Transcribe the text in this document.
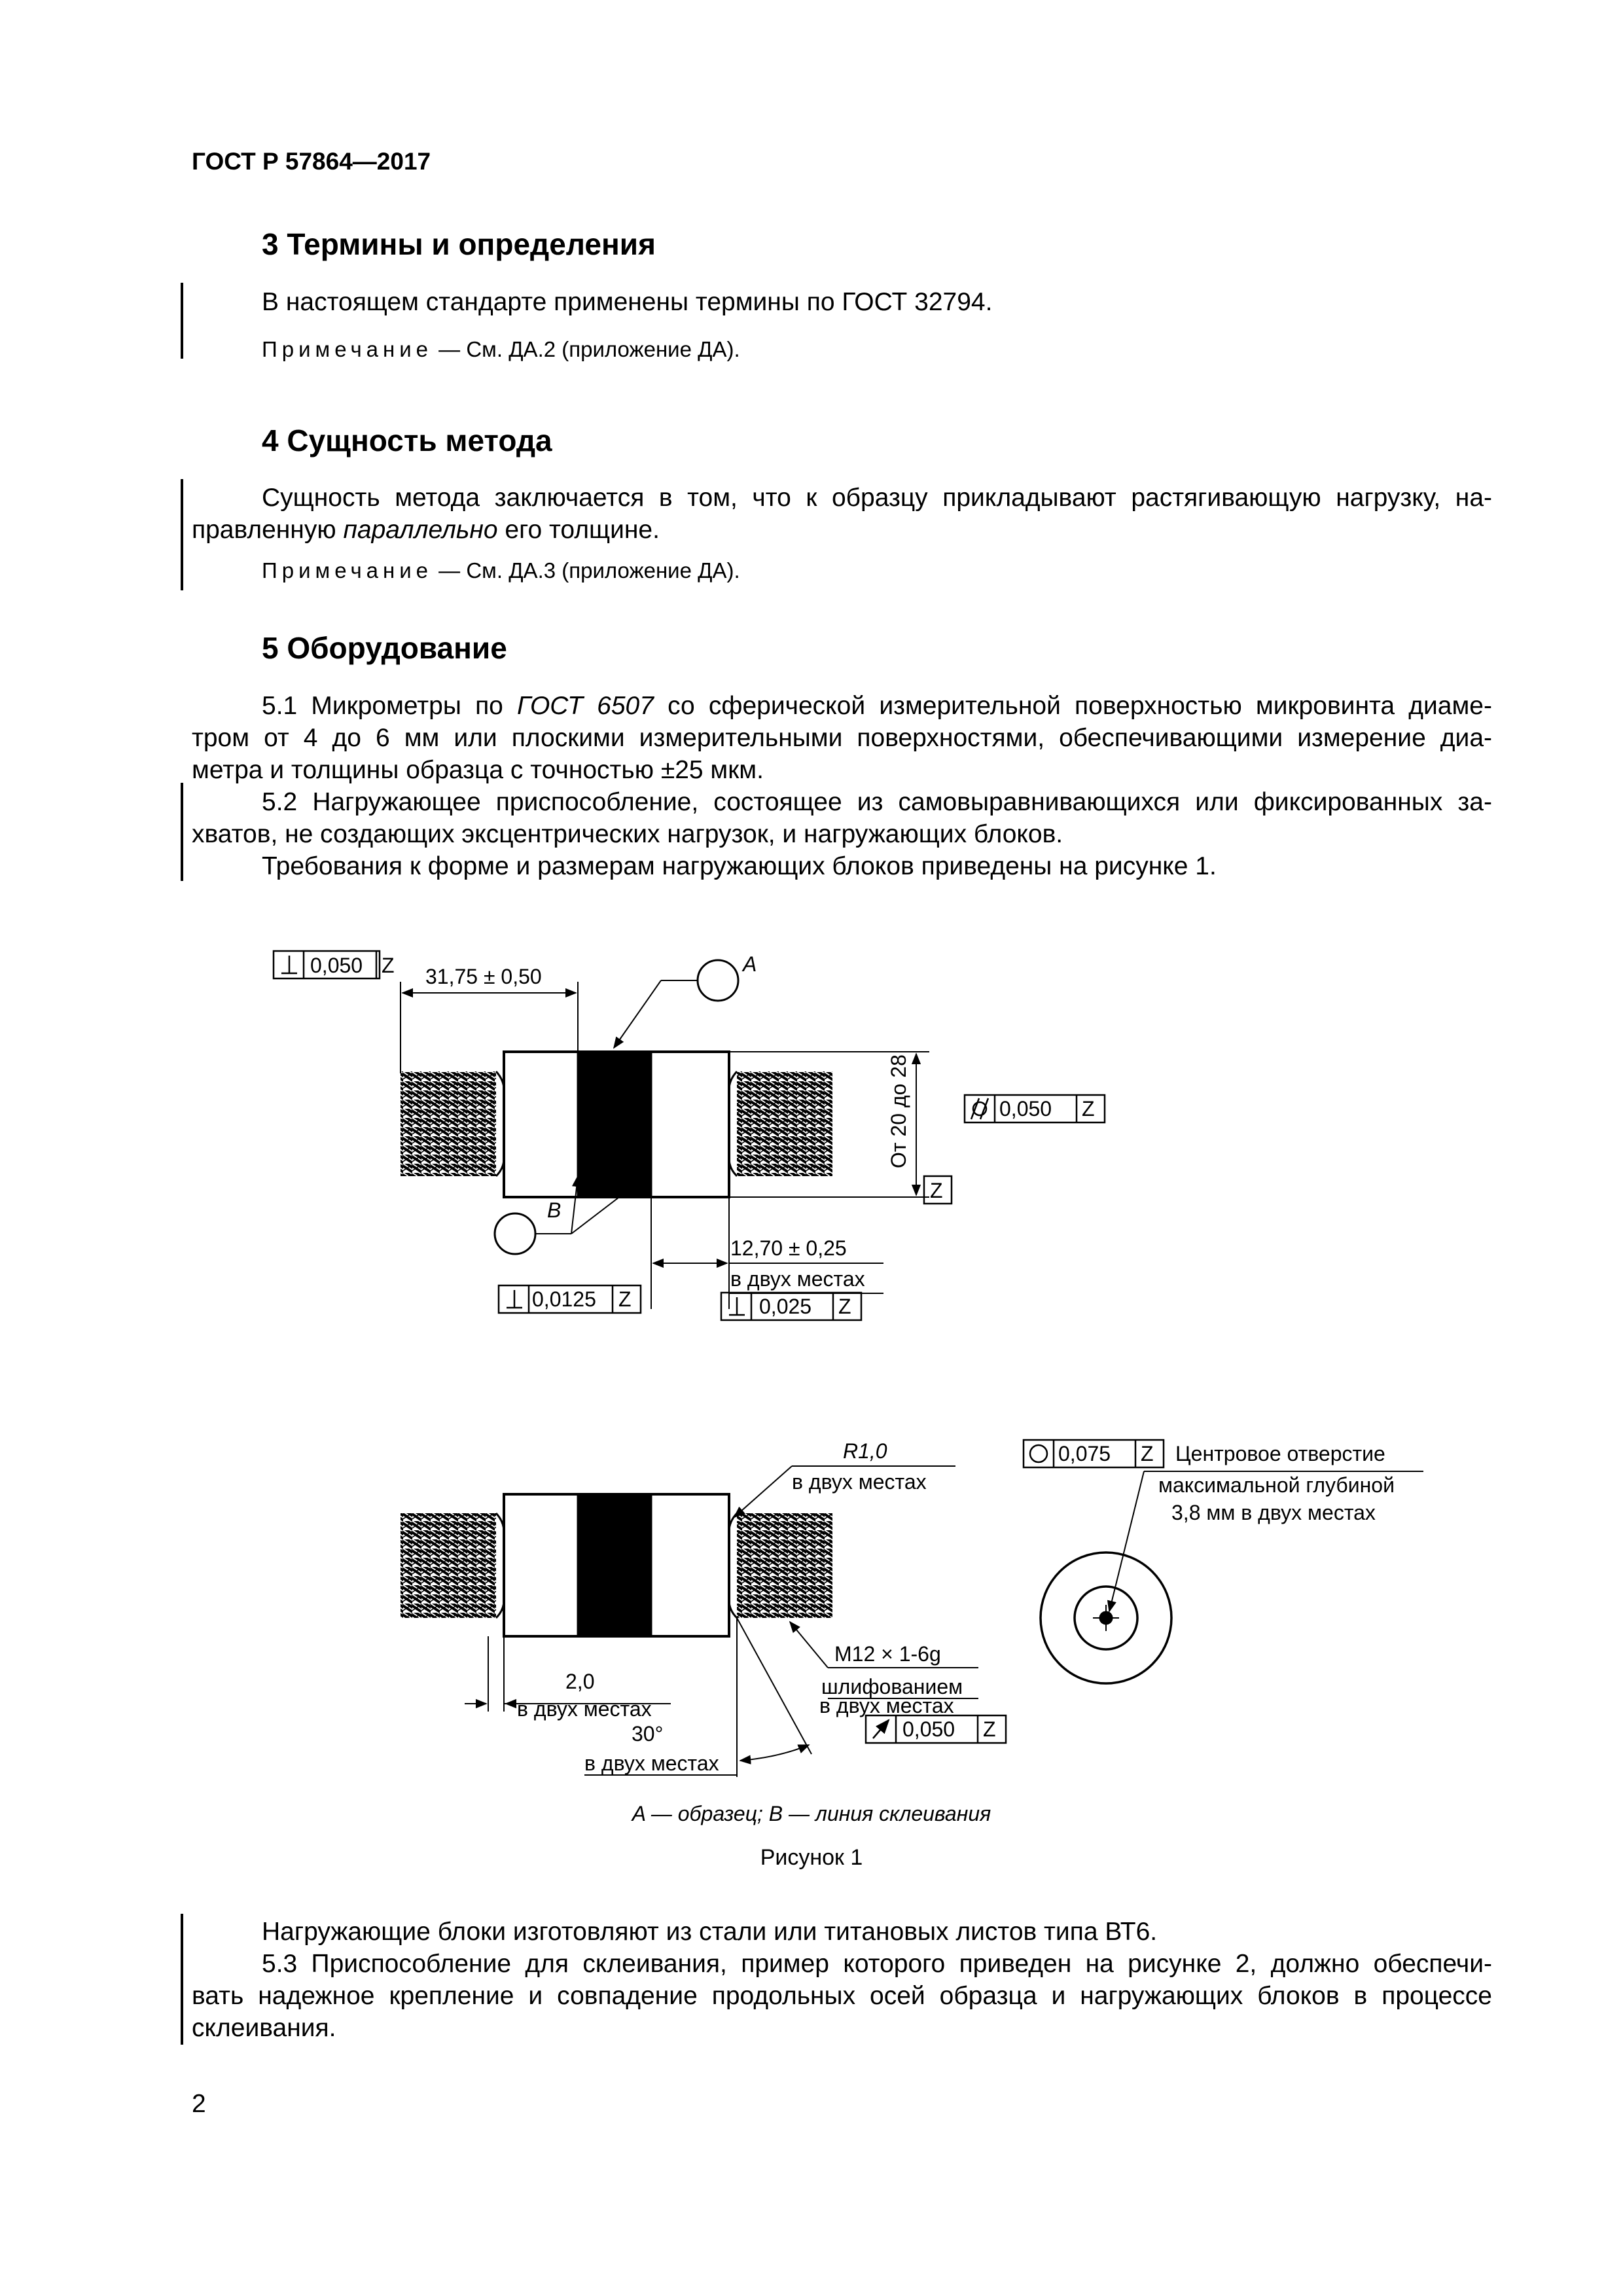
ГОСТ Р 57864—2017
3 Термины и определения
В настоящем стандарте применены термины по ГОСТ 32794.
Примечание — См. ДА.2 (приложение ДА).
4 Сущность метода
Сущность метода заключается в том, что к образцу прикладывают растягивающую нагрузку, на-
правленную параллельно его толщине.
Примечание — См. ДА.3 (приложение ДА).
5 Оборудование
5.1 Микрометры по ГОСТ 6507 со сферической измерительной поверхностью микровинта диаме-
тром от 4 до 6 мм или плоскими измерительными поверхностями, обеспечивающими измерение диа-
метра и толщины образца с точностью ±25 мкм.
5.2 Нагружающее приспособление, состоящее из самовыравнивающихся или фиксированных за-
хватов, не создающих эксцентрических нагрузок, и нагружающих блоков.
Требования к форме и размерам нагружающих блоков приведены на рисунке 1.
0,050 Z 31,75 ± 0,50
A
B
От 20 до 28	0,050 Z
Z
12,70 ± 0,25
в двух местах
0,0125 Z	0,025 Z
R1,0
в двух местах
0,075 Z Центровое отверстие
максимальной глубиной
3,8 мм в двух местах
M12 × 1-6g
шлифованием
в двух местах
0,050 Z
2,0
в двух местах
30°
в двух местах
A — образец; B — линия склеивания
Рисунок 1
Нагружающие блоки изготовляют из стали или титановых листов типа ВТ6.
5.3 Приспособление для склеивания, пример которого приведен на рисунке 2, должно обеспечи-
вать надежное крепление и совпадение продольных осей образца и нагружающих блоков в процессе
склеивания.
2
